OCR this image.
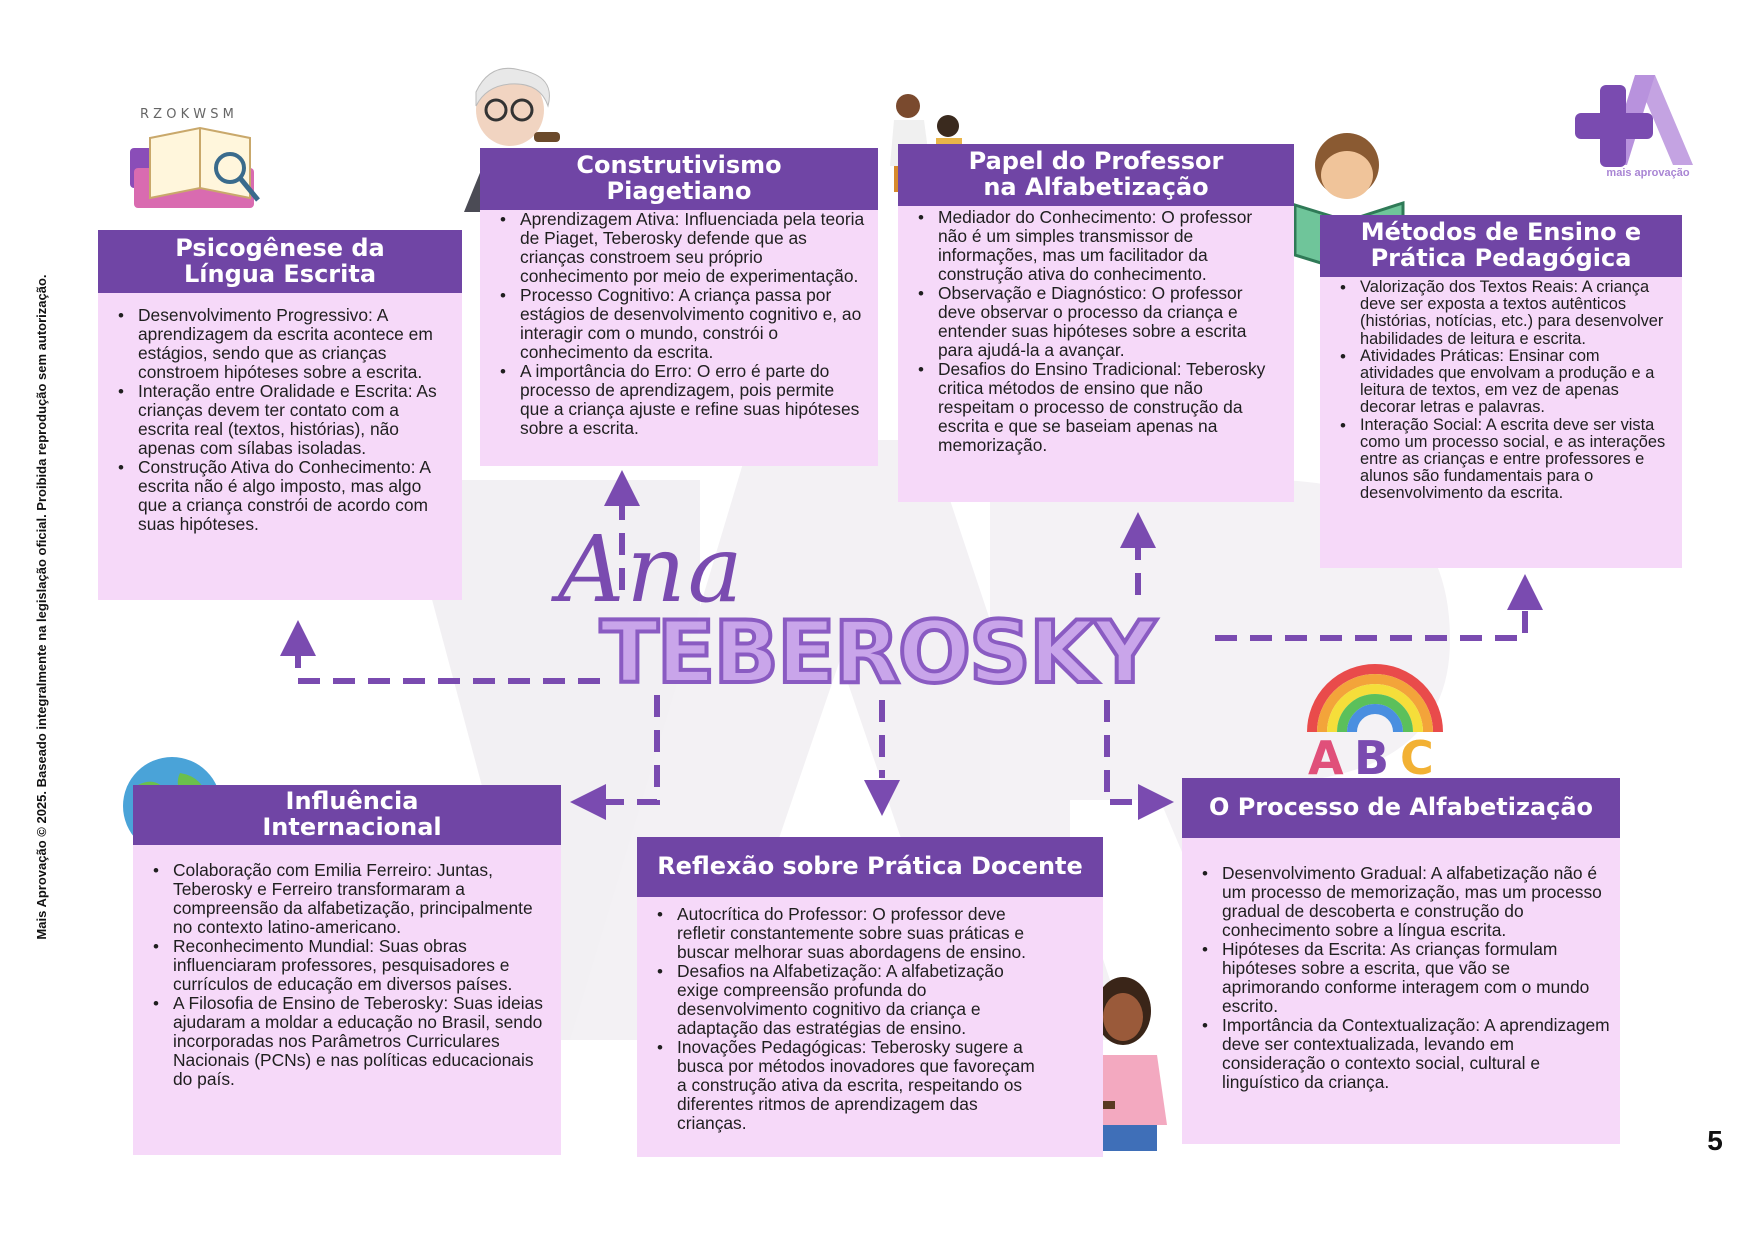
Mais Aprovação © 2025. Baseado integralmente na legislação oficial. Proibida reprodução sem autorização.
mais aprovação
Ana
TEBEROSKY
R Z O K W S M
A B C
Psicogênese da
Língua Escrita
• Desenvolvimento Progressivo: A aprendizagem da escrita acontece em estágios, sendo que as crianças constroem hipóteses sobre a escrita.
• Interação entre Oralidade e Escrita: As crianças devem ter contato com a escrita real (textos, histórias), não apenas com sílabas isoladas.
• Construção Ativa do Conhecimento: A escrita não é algo imposto, mas algo que a criança constrói de acordo com suas hipóteses.
Construtivismo
Piagetiano
• Aprendizagem Ativa: Influenciada pela teoria de Piaget, Teberosky defende que as crianças constroem seu próprio conhecimento por meio de experimentação.
• Processo Cognitivo: A criança passa por estágios de desenvolvimento cognitivo e, ao interagir com o mundo, constrói o conhecimento da escrita.
• A importância do Erro: O erro é parte do processo de aprendizagem, pois permite que a criança ajuste e refine suas hipóteses sobre a escrita.
Papel do Professor
na Alfabetização
• Mediador do Conhecimento: O professor não é um simples transmissor de informações, mas um facilitador da construção ativa do conhecimento.
• Observação e Diagnóstico: O professor deve observar o processo da criança e entender suas hipóteses sobre a escrita para ajudá-la a avançar.
• Desafios do Ensino Tradicional: Teberosky critica métodos de ensino que não respeitam o processo de construção da escrita e que se baseiam apenas na memorização.
Métodos de Ensino e
Prática Pedagógica
• Valorização dos Textos Reais: A criança deve ser exposta a textos autênticos (histórias, notícias, etc.) para desenvolver habilidades de leitura e escrita.
• Atividades Práticas: Ensinar com atividades que envolvam a produção e a leitura de textos, em vez de apenas decorar letras e palavras.
• Interação Social: A escrita deve ser vista como um processo social, e as interações entre as crianças e entre professores e alunos são fundamentais para o desenvolvimento da escrita.
Influência
Internacional
• Colaboração com Emilia Ferreiro: Juntas, Teberosky e Ferreiro transformaram a compreensão da alfabetização, principalmente no contexto latino-americano.
• Reconhecimento Mundial: Suas obras influenciaram professores, pesquisadores e currículos de educação em diversos países.
• A Filosofia de Ensino de Teberosky: Suas ideias ajudaram a moldar a educação no Brasil, sendo incorporadas nos Parâmetros Curriculares Nacionais (PCNs) e nas políticas educacionais do país.
Reflexão sobre Prática Docente
• Autocrítica do Professor: O professor deve refletir constantemente sobre suas práticas e buscar melhorar suas abordagens de ensino.
• Desafios na Alfabetização: A alfabetização exige compreensão profunda do desenvolvimento cognitivo da criança e adaptação das estratégias de ensino.
• Inovações Pedagógicas: Teberosky sugere a busca por métodos inovadores que favoreçam a construção ativa da escrita, respeitando os diferentes ritmos de aprendizagem das crianças.
O Processo de Alfabetização
• Desenvolvimento Gradual: A alfabetização não é um processo de memorização, mas um processo gradual de descoberta e construção do conhecimento sobre a língua escrita.
• Hipóteses da Escrita: As crianças formulam hipóteses sobre a escrita, que vão se aprimorando conforme interagem com o mundo escrito.
• Importância da Contextualização: A aprendizagem deve ser contextualizada, levando em consideração o contexto social, cultural e linguístico da criança.
5
